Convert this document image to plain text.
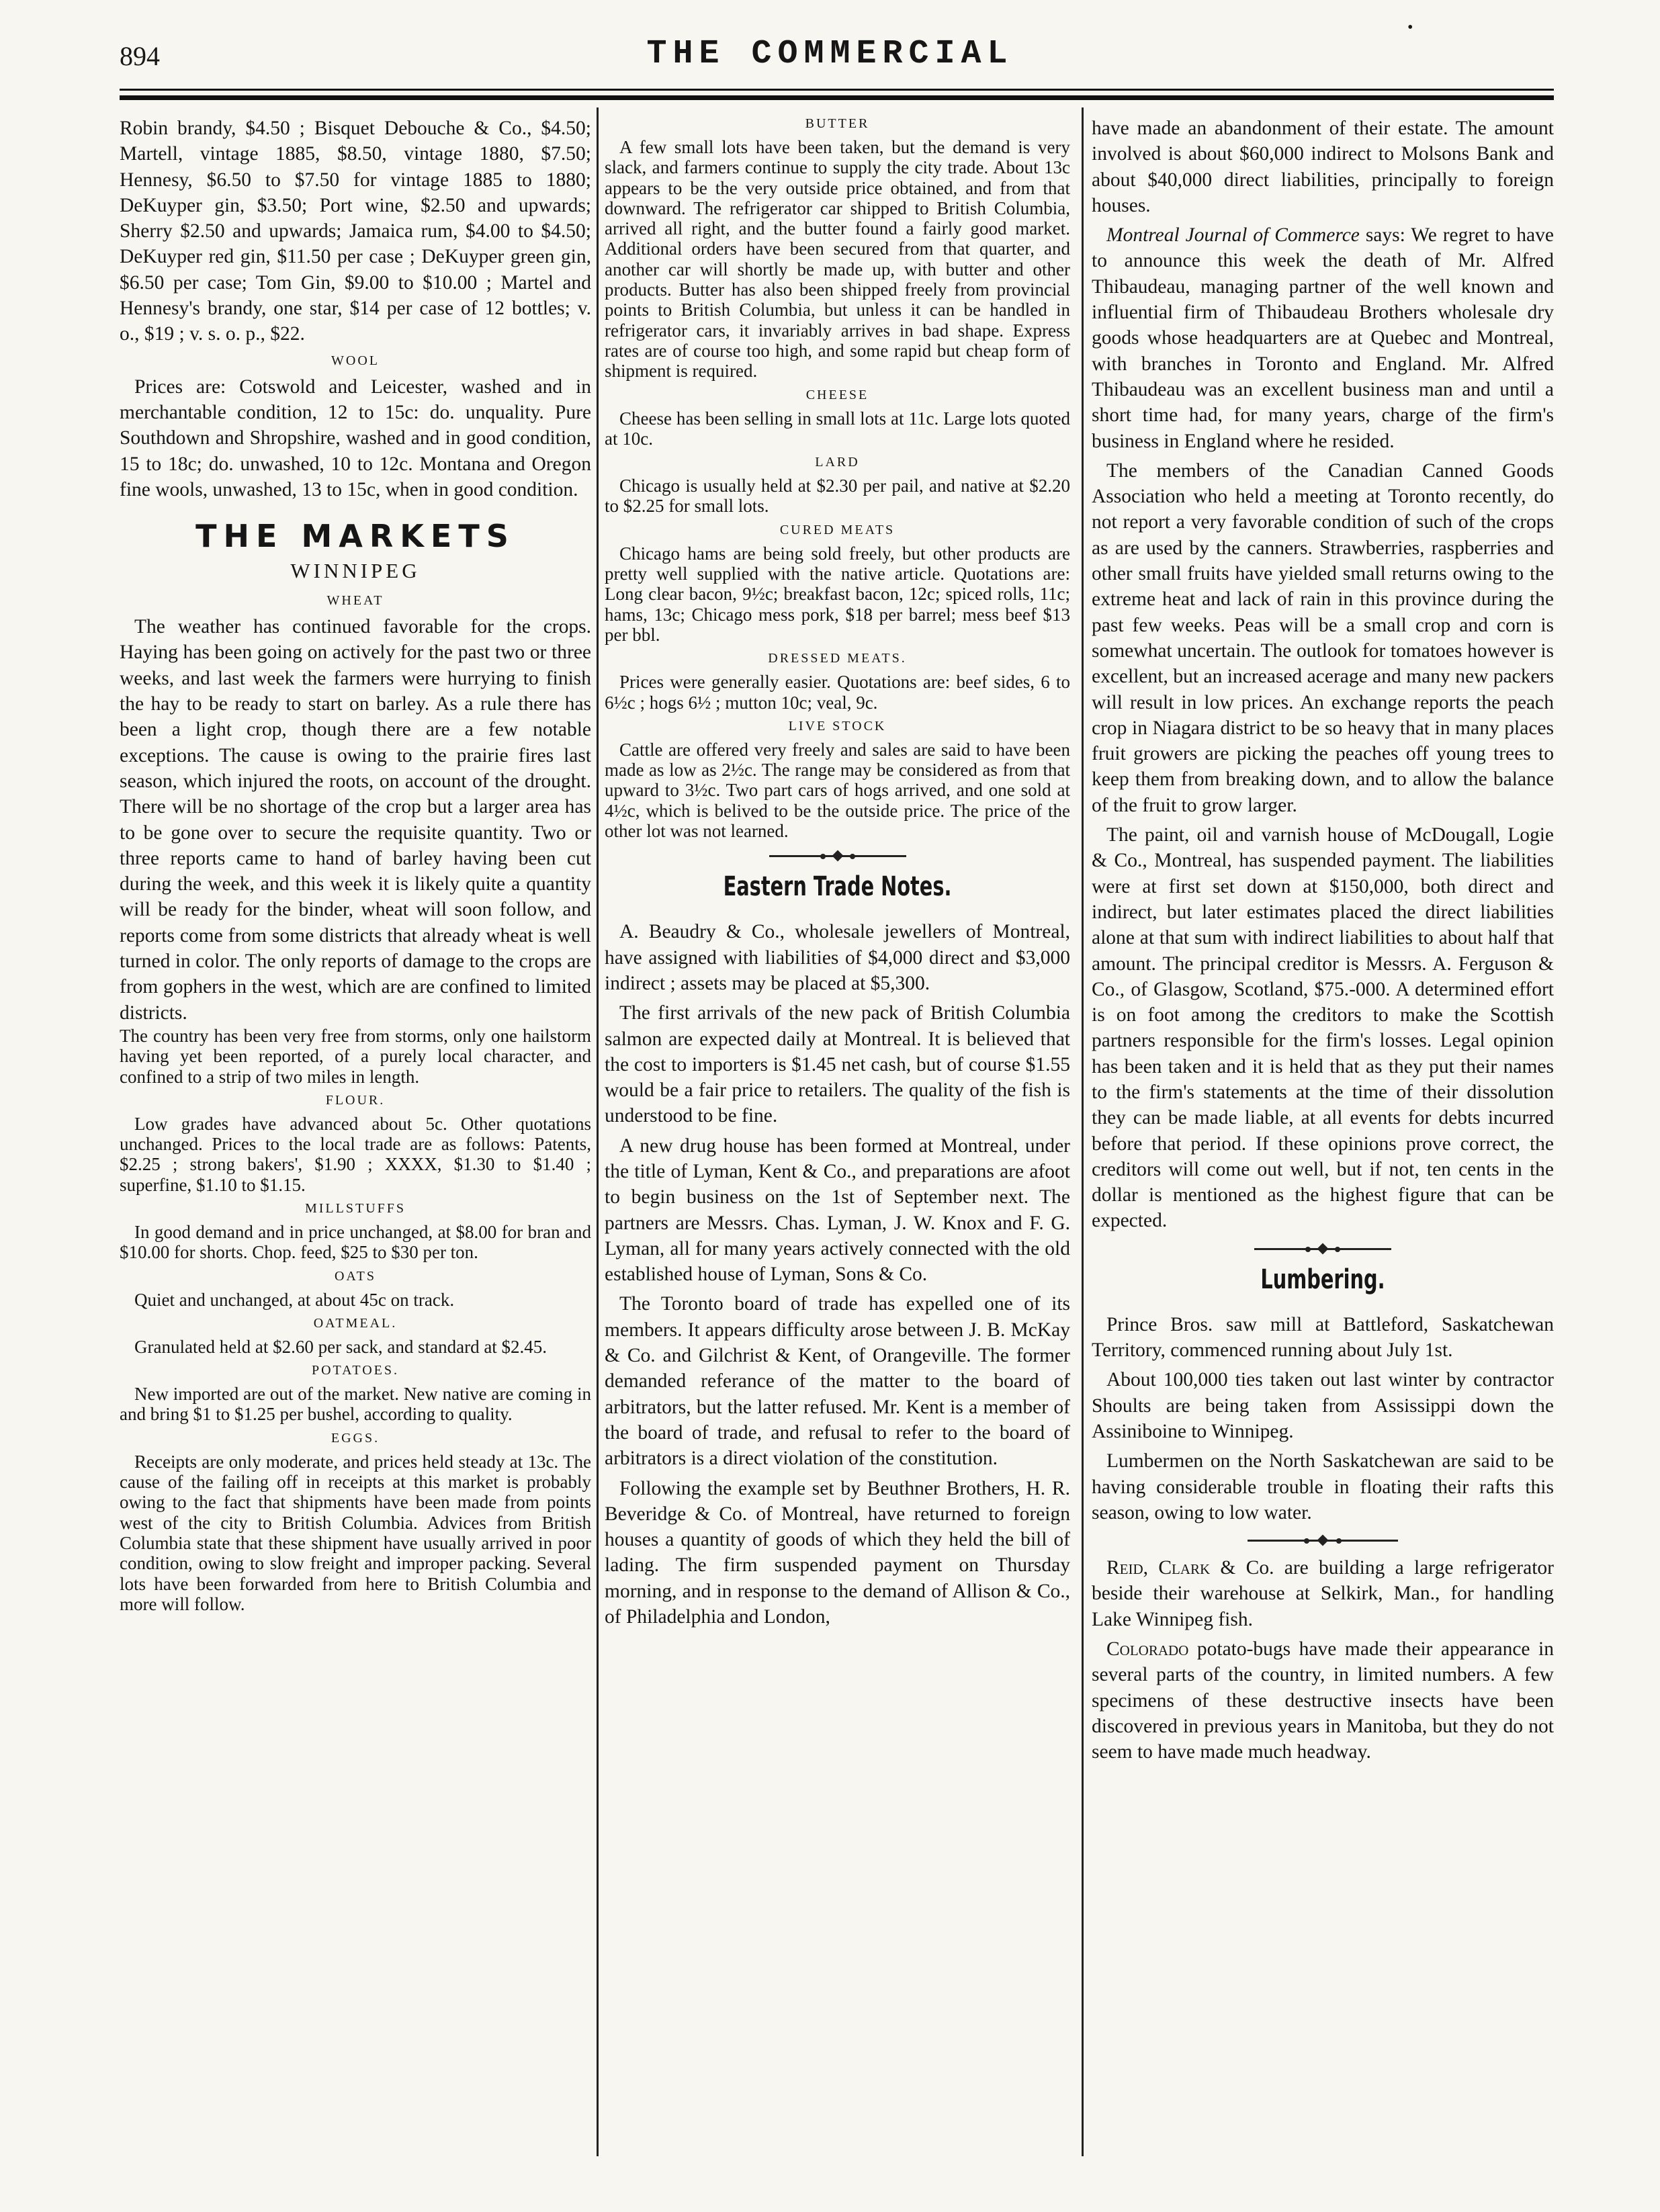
894	THE COMMERCIAL
•

Robin brandy, $4.50 ; Bisquet Debouche & Co., $4.50; Martell, vintage 1885, $8.50, vintage 1880, $7.50; Hennesy, $6.50 to $7.50 for vintage 1885 to 1880; DeKuyper gin, $3.50; Port wine, $2.50 and upwards; Sherry $2.50 and upwards; Jamaica rum, $4.00 to $4.50; DeKuyper red gin, $11.50 per case ; DeKuyper green gin, $6.50 per case; Tom Gin, $9.00 to $10.00 ; Martel and Hennesy's brandy, one star, $14 per case of 12 bottles; v. o., $19 ; v. s. o. p., $22.

WOOL

Prices are: Cotswold and Leicester, washed and in merchantable condition, 12 to 15c: do. unquality. Pure Southdown and Shropshire, washed and in good condition, 15 to 18c; do. unwashed, 10 to 12c. Montana and Oregon fine wools, unwashed, 13 to 15c, when in good condition.

THE MARKETS
WINNIPEG
WHEAT

The weather has continued favorable for the crops. Haying has been going on actively for the past two or three weeks, and last week the farmers were hurrying to finish the hay to be ready to start on barley. As a rule there has been a light crop, though there are a few notable exceptions. The cause is owing to the prairie fires last season, which injured the roots, on account of the drought. There will be no shortage of the crop but a larger area has to be gone over to secure the requisite quantity. Two or three reports came to hand of barley having been cut during the week, and this week it is likely quite a quantity will be ready for the binder, wheat will soon follow, and reports come from some districts that already wheat is well turned in color. The only reports of damage to the crops are from gophers in the west, which are are confined to limited districts.

The country has been very free from storms, only one hailstorm having yet been reported, of a purely local character, and confined to a strip of two miles in length.

FLOUR.

Low grades have advanced about 5c. Other quotations unchanged. Prices to the local trade are as follows: Patents, $2.25 ; strong bakers', $1.90 ; XXXX, $1.30 to $1.40 ; superfine, $1.10 to $1.15.

MILLSTUFFS

In good demand and in price unchanged, at $8.00 for bran and $10.00 for shorts. Chop. feed, $25 to $30 per ton.

OATS

Quiet and unchanged, at about 45c on track.

OATMEAL.

Granulated held at $2.60 per sack, and standard at $2.45.

POTATOES.

New imported are out of the market. New native are coming in and bring $1 to $1.25 per bushel, according to quality.

EGGS.

Receipts are only moderate, and prices held steady at 13c. The cause of the failing off in receipts at this market is probably owing to the fact that shipments have been made from points west of the city to British Columbia. Advices from British Columbia state that these shipment have usually arrived in poor condition, owing to slow freight and improper packing. Several lots have been forwarded from here to British Columbia and more will follow.

BUTTER

A few small lots have been taken, but the demand is very slack, and farmers continue to supply the city trade. About 13c appears to be the very outside price obtained, and from that downward. The refrigerator car shipped to British Columbia, arrived all right, and the butter found a fairly good market. Additional orders have been secured from that quarter, and another car will shortly be made up, with butter and other products. Butter has also been shipped freely from provincial points to British Columbia, but unless it can be handled in refrigerator cars, it invariably arrives in bad shape. Express rates are of course too high, and some rapid but cheap form of shipment is required.

CHEESE

Cheese has been selling in small lots at 11c. Large lots quoted at 10c.

LARD

Chicago is usually held at $2.30 per pail, and native at $2.20 to $2.25 for small lots.

CURED MEATS

Chicago hams are being sold freely, but other products are pretty well supplied with the native article. Quotations are: Long clear bacon, 9½c; breakfast bacon, 12c; spiced rolls, 11c; hams, 13c; Chicago mess pork, $18 per barrel; mess beef $13 per bbl.

DRESSED MEATS.

Prices were generally easier. Quotations are: beef sides, 6 to 6½c ; hogs 6½ ; mutton 10c; veal, 9c.

LIVE STOCK

Cattle are offered very freely and sales are said to have been made as low as 2½c. The range may be considered as from that upward to 3½c. Two part cars of hogs arrived, and one sold at 4½c, which is belived to be the outside price. The price of the other lot was not learned.

Eastern Trade Notes.

A. Beaudry & Co., wholesale jewellers of Montreal, have assigned with liabilities of $4,000 direct and $3,000 indirect ; assets may be placed at $5,300.

The first arrivals of the new pack of British Columbia salmon are expected daily at Montreal. It is believed that the cost to importers is $1.45 net cash, but of course $1.55 would be a fair price to retailers. The quality of the fish is understood to be fine.

A new drug house has been formed at Montreal, under the title of Lyman, Kent & Co., and preparations are afoot to begin business on the 1st of September next. The partners are Messrs. Chas. Lyman, J. W. Knox and F. G. Lyman, all for many years actively connected with the old established house of Lyman, Sons & Co.

The Toronto board of trade has expelled one of its members. It appears difficulty arose between J. B. McKay & Co. and Gilchrist & Kent, of Orangeville. The former demanded referance of the matter to the board of arbitrators, but the latter refused. Mr. Kent is a member of the board of trade, and refusal to refer to the board of arbitrators is a direct violation of the constitution.

Following the example set by Beuthner Brothers, H. R. Beveridge & Co. of Montreal, have returned to foreign houses a quantity of goods of which they held the bill of lading. The firm suspended payment on Thursday morning, and in response to the demand of Allison & Co., of Philadelphia and London,

have made an abandonment of their estate. The amount involved is about $60,000 indirect to Molsons Bank and about $40,000 direct liabilities, principally to foreign houses.

Montreal Journal of Commerce says: We regret to have to announce this week the death of Mr. Alfred Thibaudeau, managing partner of the well known and influential firm of Thibaudeau Brothers wholesale dry goods whose headquarters are at Quebec and Montreal, with branches in Toronto and England. Mr. Alfred Thibaudeau was an excellent business man and until a short time had, for many years, charge of the firm's business in England where he resided.

The members of the Canadian Canned Goods Association who held a meeting at Toronto recently, do not report a very favorable condition of such of the crops as are used by the canners. Strawberries, raspberries and other small fruits have yielded small returns owing to the extreme heat and lack of rain in this province during the past few weeks. Peas will be a small crop and corn is somewhat uncertain. The outlook for tomatoes however is excellent, but an increased acerage and many new packers will result in low prices. An exchange reports the peach crop in Niagara district to be so heavy that in many places fruit growers are picking the peaches off young trees to keep them from breaking down, and to allow the balance of the fruit to grow larger.

The paint, oil and varnish house of McDougall, Logie & Co., Montreal, has suspended payment. The liabilities were at first set down at $150,000, both direct and indirect, but later estimates placed the direct liabilities alone at that sum with indirect liabilities to about half that amount. The principal creditor is Messrs. A. Ferguson & Co., of Glasgow, Scotland, $75.-000. A determined effort is on foot among the creditors to make the Scottish partners responsible for the firm's losses. Legal opinion has been taken and it is held that as they put their names to the firm's statements at the time of their dissolution they can be made liable, at all events for debts incurred before that period. If these opinions prove correct, the creditors will come out well, but if not, ten cents in the dollar is mentioned as the highest figure that can be expected.

Lumbering.

Prince Bros. saw mill at Battleford, Saskatchewan Territory, commenced running about July 1st.

About 100,000 ties taken out last winter by contractor Shoults are being taken from Assissippi down the Assiniboine to Winnipeg.

Lumbermen on the North Saskatchewan are said to be having considerable trouble in floating their rafts this season, owing to low water.

Reid, Clark & Co. are building a large refrigerator beside their warehouse at Selkirk, Man., for handling Lake Winnipeg fish.

Colorado potato-bugs have made their appearance in several parts of the country, in limited numbers. A few specimens of these destructive insects have been discovered in previous years in Manitoba, but they do not seem to have made much headway.
